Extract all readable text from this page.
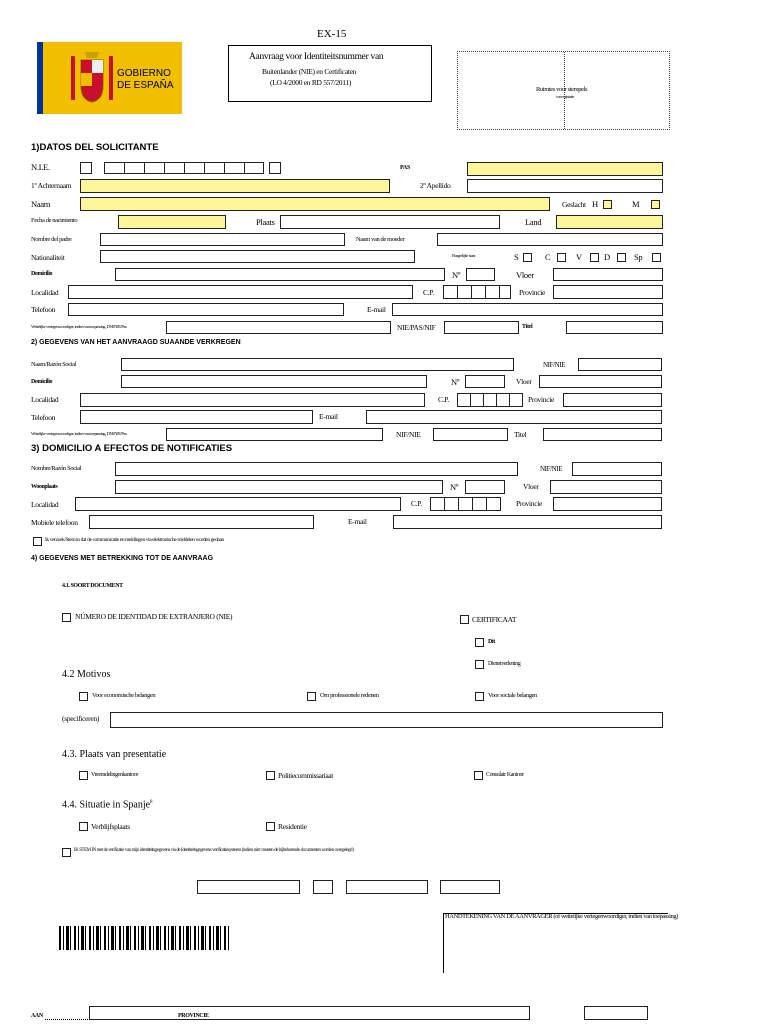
EX-15
GOBIERNO
DE ESPAÑA
Aanvraag voor Identiteitsnummer van
Buitenlander (NIE) en Certificaten
(LO 4/2000 en RD 557/2011)
Ruimtes voor stempels
voor registratie
1)DATOS DEL SOLICITANTE
N.I.E.	PAS
1º Achternaam	2º Apellido
Naam	Geslacht H	M
Fecha de nacimiento	Plaats	Land
Nombre del padre	Naam van de moeder
Nationaliteit	Burgerlijke staat	S	C	V	D	Sp
Domicilio	Nº	Vloer
Localidad	C.P.	Provincie
Telefoon	E-mail
Wettelijke vertegenwoordiger, indien van toepassing, DNI/NIE/Pas	NIE/PAS/NIF	Titel
2) GEGEVENS VAN HET AANVRAAGD SUAANDE VERKREGEN
Naam/Razón Social	NIF/NIE
Domicilio	Nº	Vloer
Localidad	C.P.	Provincie
Telefoon	E-mail
Wettelijke vertegenwoordiger, indien van toepassing, DNI/NIE/Pas	NIF/NIE	Titel
3) DOMICILIO A EFECTOS DE NOTIFICATIES
Nombre/Razón Social	NIF/NIE
Woonplaats	Nº	Vloer
Localidad	C.P.	Provincie
Mobiele telefoon	E-mail
Ik verzoek/Stem in dat de communicatie en meldingen via elektronische middelen worden gedaan
4) GEGEVENS MET BETREKKING TOT DE AANVRAAG
4.1. SOORT DOCUMENT
NÚMERO DE IDENTIDAD DE EXTRANJERO (NIE)	CERTIFICAAT
Dit
Dienstverlening
4.2 Motivos
Voor economische belangen	Om professionele redenen	Voor sociale belangen
(specificeren)
4.3. Plaats van presentatie
Vreemdelingenkantoor	Politiecommissariaat	Consulair Kantoor
4.4. Situatie in Spanje$^8$
Verblijfsplaats	Residentie
IK STEM IN met de verificatie van mijn identiteitsgegevens via de Identiteitsgegevens verificatiesysteem (indien niet: moeten de bijbehorende documenten worden overgelegd)
HANDTEKENING VAN DE AANVRAGER (of wettelijke vertegenwoordiger, indien van toepassing)
AAN	PROVINCIE
